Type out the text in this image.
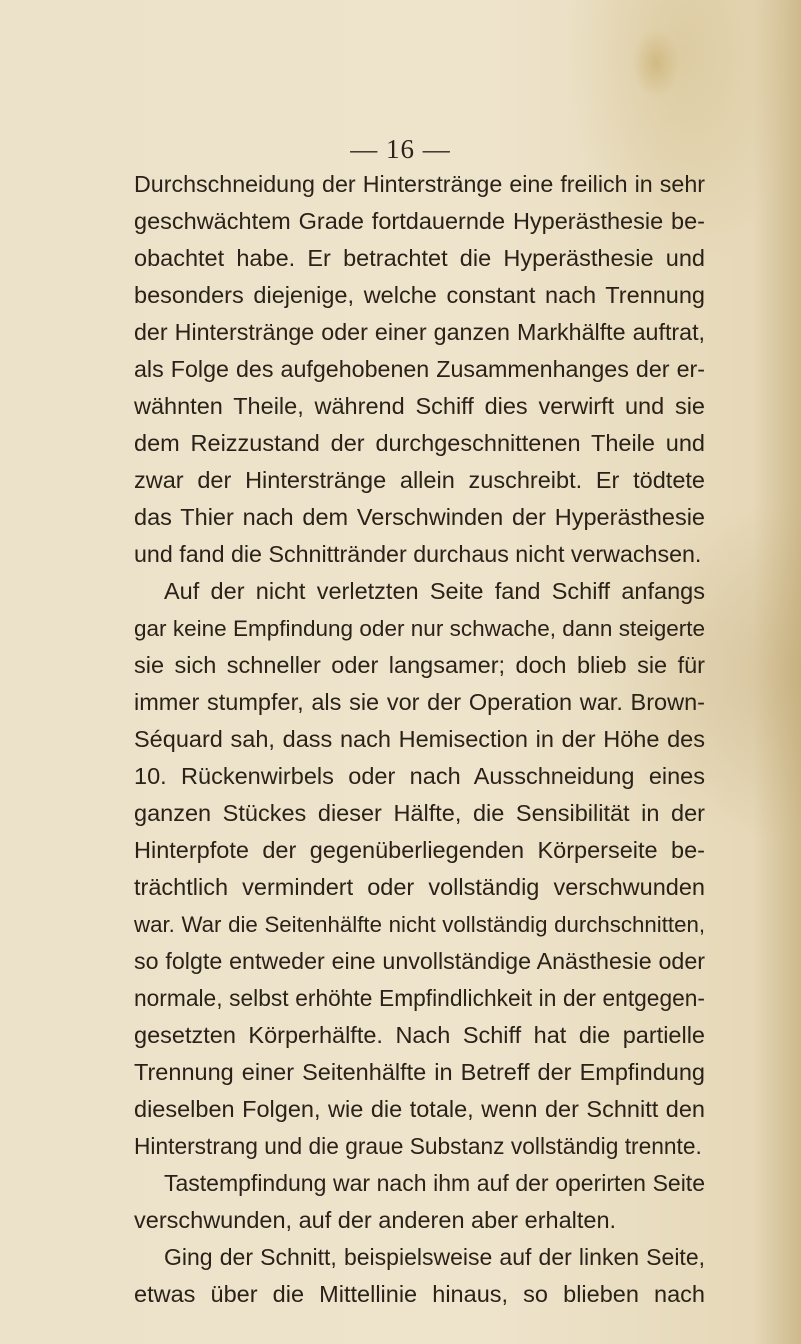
— 16 —
Durchschneidung der Hinterstränge eine freilich in sehr
geschwächtem Grade fortdauernde Hyperästhesie be-
obachtet habe. Er betrachtet die Hyperästhesie und
besonders diejenige, welche constant nach Trennung
der Hinterstränge oder einer ganzen Markhälfte auftrat,
als Folge des aufgehobenen Zusammenhanges der er-
wähnten Theile, während Schiff dies verwirft und sie
dem Reizzustand der durchgeschnittenen Theile und
zwar der Hinterstränge allein zuschreibt. Er tödtete
das Thier nach dem Verschwinden der Hyperästhesie
und fand die Schnittränder durchaus nicht verwachsen.
Auf der nicht verletzten Seite fand Schiff anfangs
gar keine Empfindung oder nur schwache, dann steigerte
sie sich schneller oder langsamer; doch blieb sie für
immer stumpfer, als sie vor der Operation war. Brown-
Séquard sah, dass nach Hemisection in der Höhe des
10. Rückenwirbels oder nach Ausschneidung eines
ganzen Stückes dieser Hälfte, die Sensibilität in der
Hinterpfote der gegenüberliegenden Körperseite be-
trächtlich vermindert oder vollständig verschwunden
war. War die Seitenhälfte nicht vollständig durchschnitten,
so folgte entweder eine unvollständige Anästhesie oder
normale, selbst erhöhte Empfindlichkeit in der entgegen-
gesetzten Körperhälfte. Nach Schiff hat die partielle
Trennung einer Seitenhälfte in Betreff der Empfindung
dieselben Folgen, wie die totale, wenn der Schnitt den
Hinterstrang und die graue Substanz vollständig trennte.
Tastempfindung war nach ihm auf der operirten Seite
verschwunden, auf der anderen aber erhalten.
Ging der Schnitt, beispielsweise auf der linken Seite,
etwas über die Mittellinie hinaus, so blieben nach
